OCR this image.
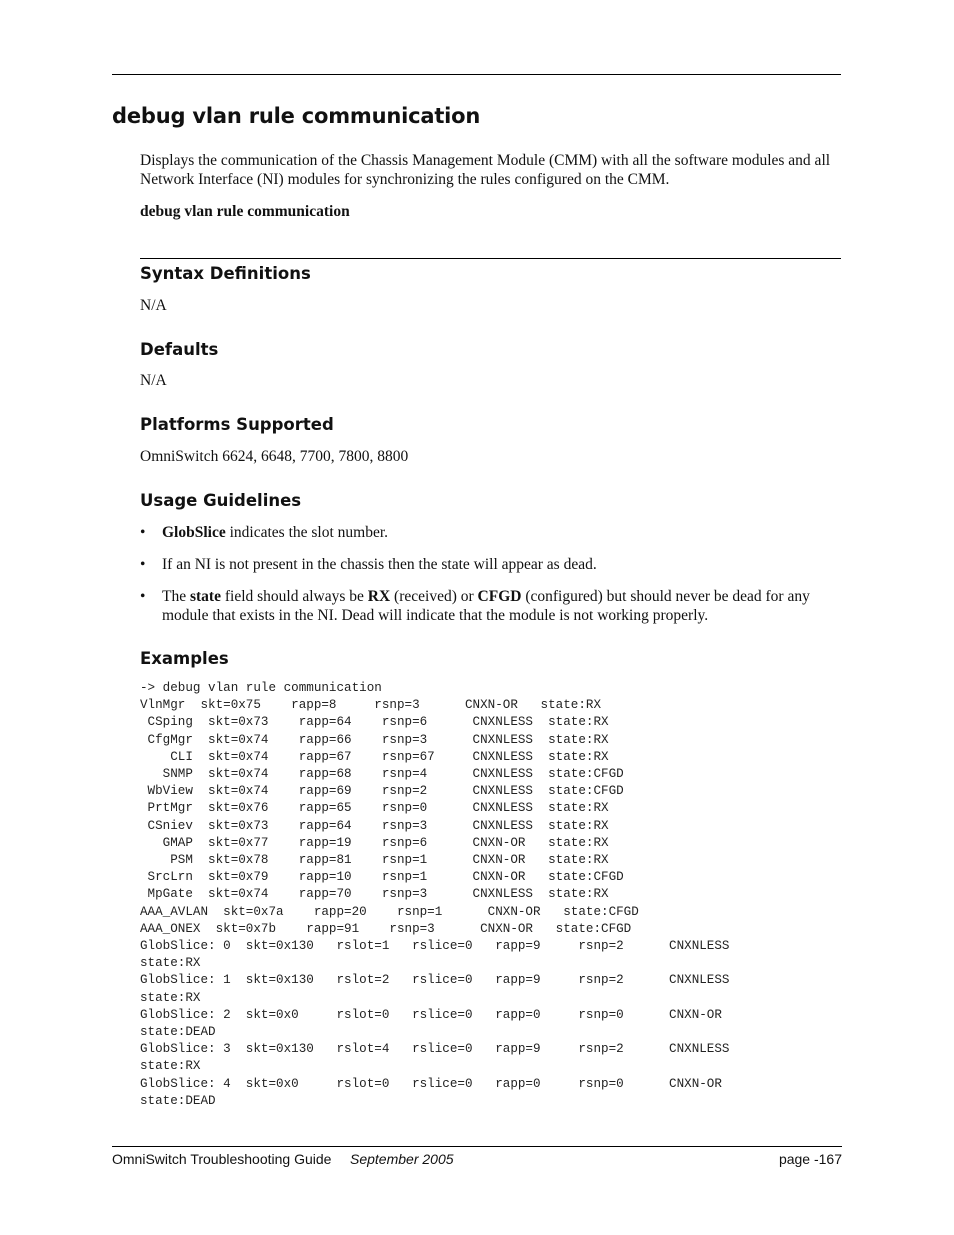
debug vlan rule communication
Displays the communication of the Chassis Management Module (CMM) with all the software modules and all Network Interface (NI) modules for synchronizing the rules configured on the CMM.
debug vlan rule communication
Syntax Definitions
N/A
Defaults
N/A
Platforms Supported
OmniSwitch 6624, 6648, 7700, 7800, 8800
Usage Guidelines
• GlobSlice indicates the slot number.
• If an NI is not present in the chassis then the state will appear as dead.
• The state field should always be RX (received) or CFGD (configured) but should never be dead for any module that exists in the NI. Dead will indicate that the module is not working properly.
Examples
-> debug vlan rule communication
VlnMgr  skt=0x75    rapp=8     rsnp=3      CNXN-OR   state:RX
CSping  skt=0x73    rapp=64    rsnp=6      CNXNLESS  state:RX
CfgMgr  skt=0x74    rapp=66    rsnp=3      CNXNLESS  state:RX
CLI  skt=0x74    rapp=67    rsnp=67     CNXNLESS  state:RX
SNMP  skt=0x74    rapp=68    rsnp=4      CNXNLESS  state:CFGD
WbView  skt=0x74    rapp=69    rsnp=2      CNXNLESS  state:CFGD
PrtMgr  skt=0x76    rapp=65    rsnp=0      CNXNLESS  state:RX
CSniev  skt=0x73    rapp=64    rsnp=3      CNXNLESS  state:RX
GMAP  skt=0x77    rapp=19    rsnp=6      CNXN-OR   state:RX
PSM  skt=0x78    rapp=81    rsnp=1      CNXN-OR   state:RX
SrcLrn  skt=0x79    rapp=10    rsnp=1      CNXN-OR   state:CFGD
MpGate  skt=0x74    rapp=70    rsnp=3      CNXNLESS  state:RX
AAA_AVLAN  skt=0x7a    rapp=20    rsnp=1      CNXN-OR   state:CFGD
AAA_ONEX  skt=0x7b    rapp=91    rsnp=3      CNXN-OR   state:CFGD
GlobSlice: 0  skt=0x130   rslot=1   rslice=0   rapp=9     rsnp=2      CNXNLESS
state:RX
GlobSlice: 1  skt=0x130   rslot=2   rslice=0   rapp=9     rsnp=2      CNXNLESS
state:RX
GlobSlice: 2  skt=0x0     rslot=0   rslice=0   rapp=0     rsnp=0      CNXN-OR
state:DEAD
GlobSlice: 3  skt=0x130   rslot=4   rslice=0   rapp=9     rsnp=2      CNXNLESS
state:RX
GlobSlice: 4  skt=0x0     rslot=0   rslice=0   rapp=0     rsnp=0      CNXN-OR
state:DEAD
OmniSwitch Troubleshooting Guide September 2005	page -167
